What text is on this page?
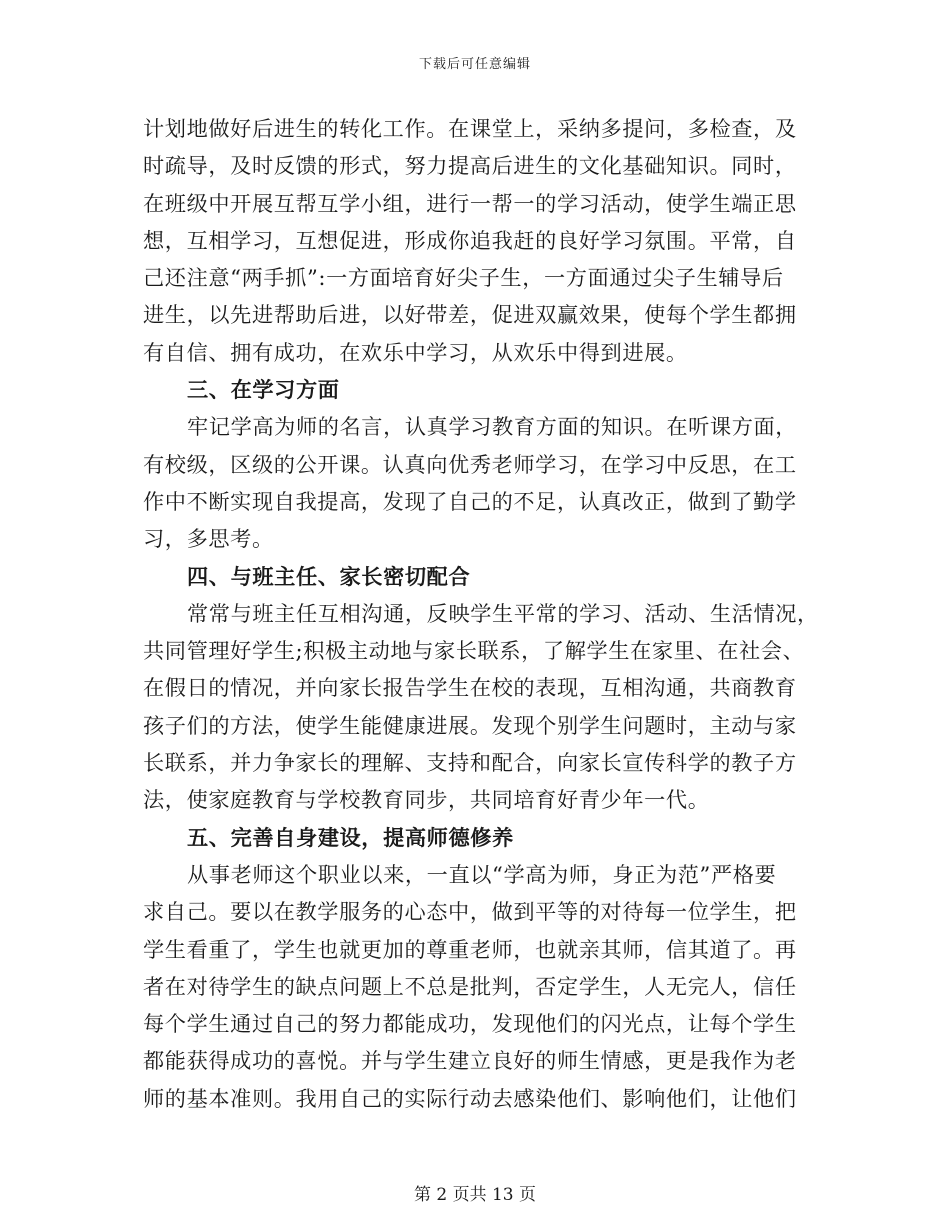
下载后可任意编辑
计划地做好后进生的转化工作。在课堂上，采纳多提问，多检查，及
时疏导，及时反馈的形式，努力提高后进生的文化基础知识。同时，
在班级中开展互帮互学小组，进行一帮一的学习活动，使学生端正思
想，互相学习，互想促进，形成你追我赶的良好学习氛围。平常，自
己还注意“两手抓”:一方面培育好尖子生，一方面通过尖子生辅导后
进生，以先进帮助后进，以好带差，促进双赢效果，使每个学生都拥
有自信、拥有成功，在欢乐中学习，从欢乐中得到进展。
三、在学习方面
牢记学高为师的名言，认真学习教育方面的知识。在听课方面，
有校级，区级的公开课。认真向优秀老师学习，在学习中反思，在工
作中不断实现自我提高，发现了自己的不足，认真改正，做到了勤学
习，多思考。
四、与班主任、家长密切配合
常常与班主任互相沟通，反映学生平常的学习、活动、生活情况，
共同管理好学生;积极主动地与家长联系，了解学生在家里、在社会、
在假日的情况，并向家长报告学生在校的表现，互相沟通，共商教育
孩子们的方法，使学生能健康进展。发现个别学生问题时，主动与家
长联系，并力争家长的理解、支持和配合，向家长宣传科学的教子方
法，使家庭教育与学校教育同步，共同培育好青少年一代。
五、完善自身建设，提高师德修养
从事老师这个职业以来，一直以“学高为师，身正为范”严格要
求自己。要以在教学服务的心态中，做到平等的对待每一位学生，把
学生看重了，学生也就更加的尊重老师，也就亲其师，信其道了。再
者在对待学生的缺点问题上不总是批判，否定学生，人无完人，信任
每个学生通过自己的努力都能成功，发现他们的闪光点，让每个学生
都能获得成功的喜悦。并与学生建立良好的师生情感，更是我作为老
师的基本准则。我用自己的实际行动去感染他们、影响他们，让他们
第 2 页共 13 页
